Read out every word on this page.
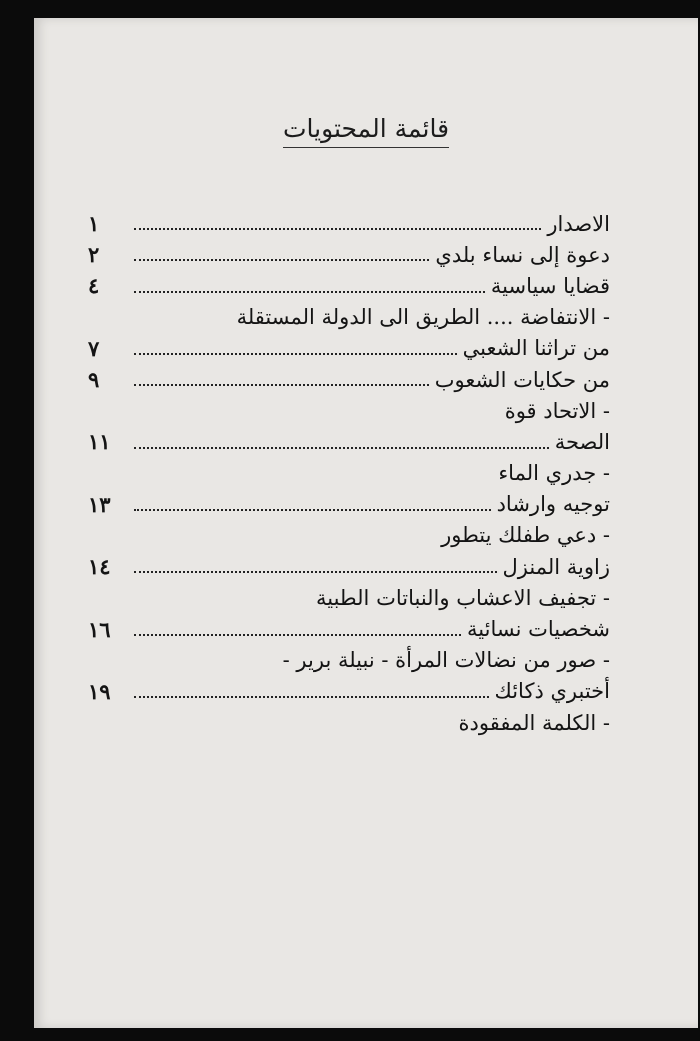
قائمة المحتويات
الاصدار
١
دعوة إلى نساء بلدي
٢
قضايا سياسية
٤
- الانتفاضة .... الطريق الى الدولة المستقلة
من تراثنا الشعبي
٧
من حكايات الشعوب
٩
- الاتحاد قوة
الصحة
١١
- جدري الماء
توجيه وارشاد
١٣
- دعي طفلك يتطور
زاوية المنزل
١٤
- تجفيف الاعشاب والنباتات الطبية
شخصيات نسائية
١٦
- صور من نضالات المرأة - نبيلة برير -
أختبري ذكائك
١٩
- الكلمة المفقودة
